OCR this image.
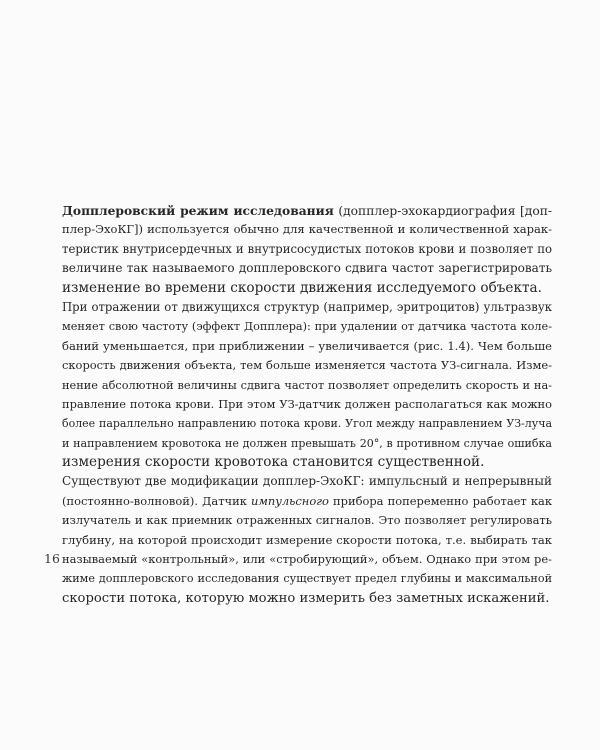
Допплеровский режим исследования (допплер-эхокардиография [доп-
плер-ЭхоКГ]) используется обычно для качественной и количественной харак-
теристик внутрисердечных и внутрисосудистых потоков крови и позволяет по
величине так называемого допплеровского сдвига частот зарегистрировать
изменение во времени скорости движения исследуемого объекта.
При отражении от движущихся структур (например, эритроцитов) ультразвук
меняет свою частоту (эффект Допплера): при удалении от датчика частота коле-
баний уменьшается, при приближении – увеличивается (рис. 1.4). Чем больше
скорость движения объекта, тем больше изменяется частота УЗ-сигнала. Изме-
нение абсолютной величины сдвига частот позволяет определить скорость и на-
правление потока крови. При этом УЗ-датчик должен располагаться как можно
более параллельно направлению потока крови. Угол между направлением УЗ-луча
и направлением кровотока не должен превышать 20°, в противном случае ошибка
измерения скорости кровотока становится существенной.
Существуют две модификации допплер-ЭхоКГ: импульсный и непрерывный
(постоянно-волновой). Датчик импульсного прибора попеременно работает как
излучатель и как приемник отраженных сигналов. Это позволяет регулировать
глубину, на которой происходит измерение скорости потока, т.е. выбирать так
называемый «контрольный», или «стробирующий», объем. Однако при этом ре-
жиме допплеровского исследования существует предел глубины и максимальной
скорости потока, которую можно измерить без заметных искажений.
16
